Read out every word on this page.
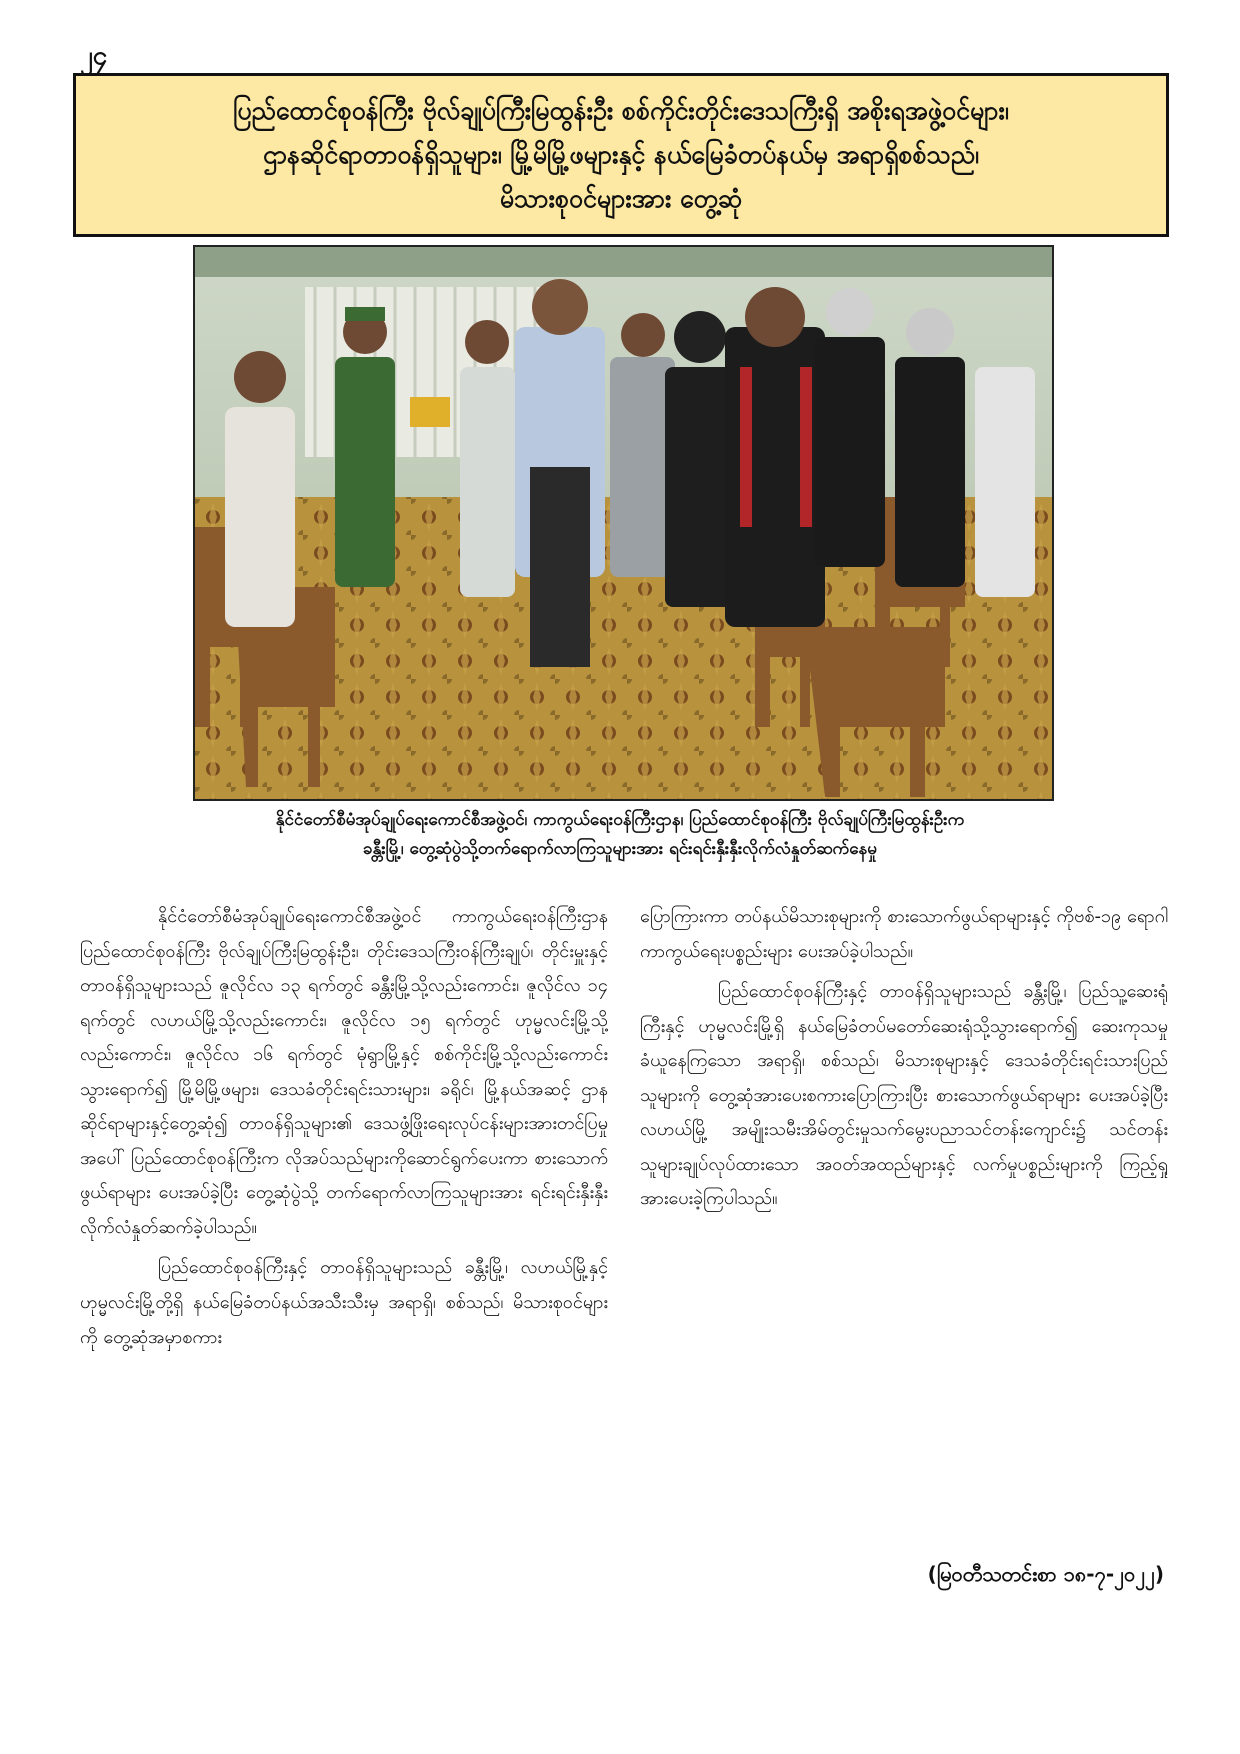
၂၄
ပြည်ထောင်စုဝန်ကြီး ဗိုလ်ချုပ်ကြီးမြထွန်းဦး စစ်ကိုင်းတိုင်းဒေသကြီးရှိ အစိုးရအဖွဲ့ဝင်များ၊
ဌာနဆိုင်ရာတာဝန်ရှိသူများ၊ မြို့မိမြို့ဖများနှင့် နယ်မြေခံတပ်နယ်မှ အရာရှိစစ်သည်၊
မိသားစုဝင်များအား တွေ့ဆုံ
နိုင်ငံတော်စီမံအုပ်ချုပ်ရေးကောင်စီအဖွဲ့ဝင်၊ ကာကွယ်ရေးဝန်ကြီးဌာန၊ ပြည်ထောင်စုဝန်ကြီး ဗိုလ်ချုပ်ကြီးမြထွန်းဦးက
ခန္တီးမြို့၊ တွေ့ဆုံပွဲသို့တက်ရောက်လာကြသူများအား ရင်းရင်းနှီးနှီးလိုက်လံနှုတ်ဆက်နေမှု

နိုင်ငံတော်စီမံအုပ်ချုပ်ရေးကောင်စီအဖွဲ့ဝင် ကာကွယ်ရေးဝန်ကြီးဌာန ပြည်ထောင်စုဝန်ကြီး ဗိုလ်ချုပ်ကြီးမြထွန်းဦး၊ တိုင်းဒေသကြီးဝန်ကြီးချုပ်၊ တိုင်းမှူးနှင့် တာဝန်ရှိသူများသည် ဇူလိုင်လ ၁၃ ရက်တွင် ခန္တီးမြို့သို့လည်းကောင်း၊ ဇူလိုင်လ ၁၄ ရက်တွင် လဟယ်မြို့သို့လည်းကောင်း၊ ဇူလိုင်လ ၁၅ ရက်တွင် ဟုမ္မလင်းမြို့သို့လည်းကောင်း၊ ဇူလိုင်လ ၁၆ ရက်တွင် မုံရွာမြို့နှင့် စစ်ကိုင်းမြို့သို့လည်းကောင်း သွားရောက်၍ မြို့မိမြို့ဖများ၊ ဒေသခံတိုင်းရင်းသားများ၊ ခရိုင်၊ မြို့နယ်အဆင့် ဌာနဆိုင်ရာများနှင့်တွေ့ဆုံ၍ တာဝန်ရှိသူများ၏ ဒေသဖွံ့ဖြိုးရေးလုပ်ငန်းများအားတင်ပြမှုအပေါ် ပြည်ထောင်စုဝန်ကြီးက လိုအပ်သည်များကိုဆောင်ရွက်ပေးကာ စားသောက်ဖွယ်ရာများ ပေးအပ်ခဲ့ပြီး တွေ့ဆုံပွဲသို့ တက်ရောက်လာကြသူများအား ရင်းရင်းနှီးနှီး လိုက်လံနှုတ်ဆက်ခဲ့ပါသည်။

ပြည်ထောင်စုဝန်ကြီးနှင့် တာဝန်ရှိသူများသည် ခန္တီးမြို့၊ လဟယ်မြို့နှင့် ဟုမ္မလင်းမြို့တို့ရှိ နယ်မြေခံတပ်နယ်အသီးသီးမှ အရာရှိ၊ စစ်သည်၊ မိသားစုဝင်များကို တွေ့ဆုံအမှာစကား

ပြောကြားကာ တပ်နယ်မိသားစုများကို စားသောက်ဖွယ်ရာများနှင့် ကိုဗစ်-၁၉ ရောဂါကာကွယ်ရေးပစ္စည်းများ ပေးအပ်ခဲ့ပါသည်။

ပြည်ထောင်စုဝန်ကြီးနှင့် တာဝန်ရှိသူများသည် ခန္တီးမြို့၊ ပြည်သူ့ဆေးရုံကြီးနှင့် ဟုမ္မလင်းမြို့ရှိ နယ်မြေခံတပ်မတော်ဆေးရုံသို့သွားရောက်၍ ဆေးကုသမှုခံယူနေကြသော အရာရှိ၊ စစ်သည်၊ မိသားစုများနှင့် ဒေသခံတိုင်းရင်းသားပြည်သူများကို တွေ့ဆုံအားပေးစကားပြောကြားပြီး စားသောက်ဖွယ်ရာများ ပေးအပ်ခဲ့ပြီး လဟယ်မြို့ အမျိုးသမီးအိမ်တွင်းမှုသက်မွေးပညာသင်တန်းကျောင်း၌ သင်တန်းသူများချုပ်လုပ်ထားသော အဝတ်အထည်များနှင့် လက်မှုပစ္စည်းများကို ကြည့်ရှုအားပေးခဲ့ကြပါသည်။

(မြဝတီသတင်းစာ ၁၈-၇-၂၀၂၂)
